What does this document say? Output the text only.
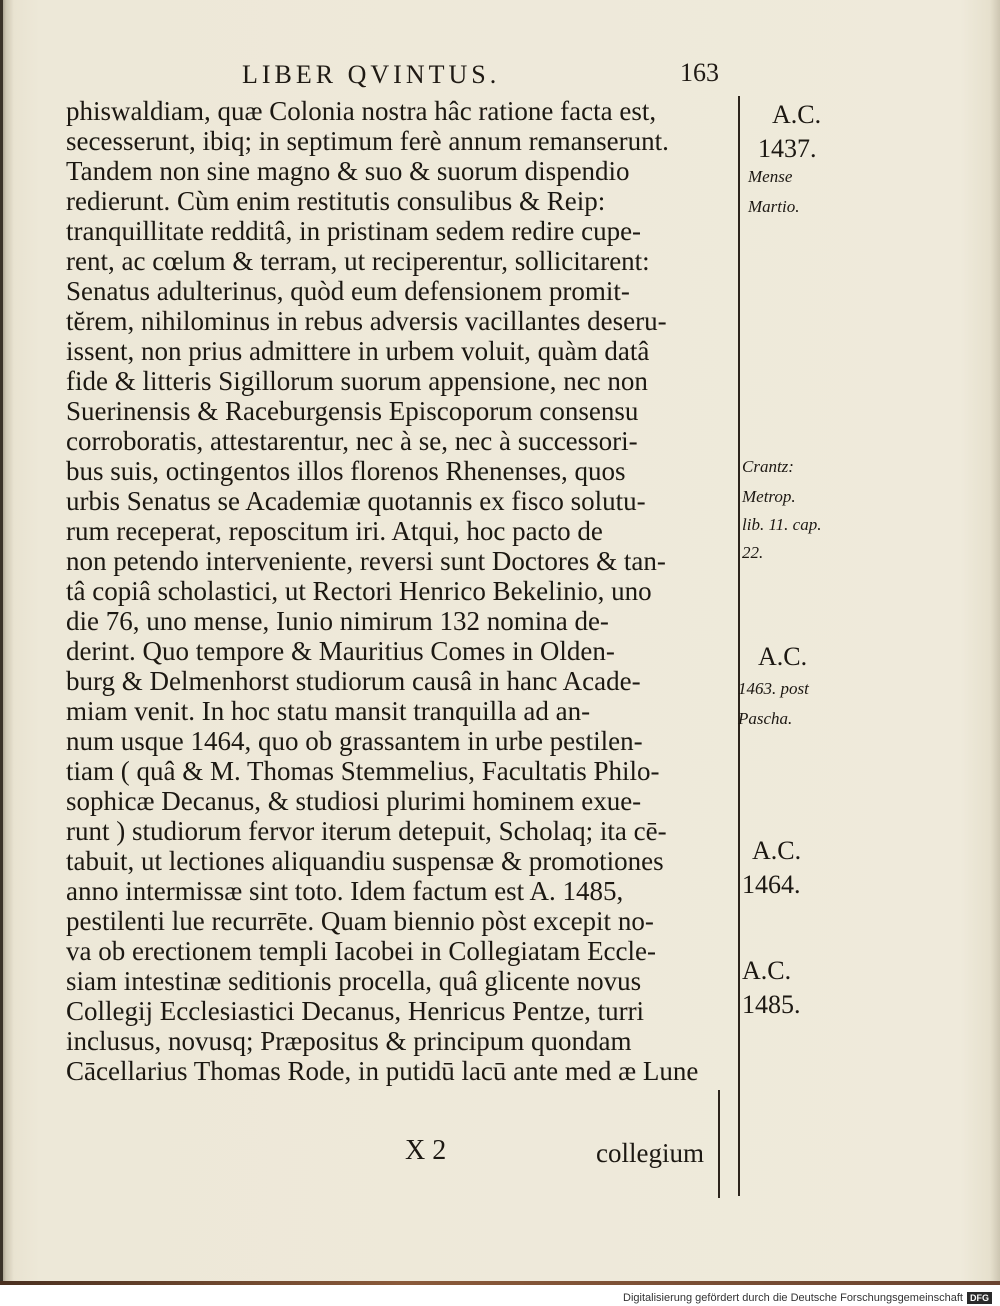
LIBER QVINTUS.	163
phiswaldiam, quæ Colonia nostra hâc ratione facta est,
secesserunt, ibiq; in septimum ferè annum remanserunt.
Tandem non sine magno & suo & suorum dispendio
redierunt. Cùm enim restitutis consulibus & Reip:
tranquillitate redditâ, in pristinam sedem redire cupe-
rent, ac cœlum & terram, ut reciperentur, sollicitarent:
Senatus adulterinus, quòd eum defensionem promit-
tĕrem, nihilominus in rebus adversis vacillantes deseru-
issent, non prius admittere in urbem voluit, quàm datâ
fide & litteris Sigillorum suorum appensione, nec non
Suerinensis & Raceburgensis Episcoporum consensu
corroboratis, attestarentur, nec à se, nec à successori-
bus suis, octingentos illos florenos Rhenenses, quos
urbis Senatus se Academiæ quotannis ex fisco solutu-
rum receperat, reposcitum iri. Atqui, hoc pacto de
non petendo interveniente, reversi sunt Doctores & tan-
tâ copiâ scholastici, ut Rectori Henrico Bekelinio, uno
die 76, uno mense, Iunio nimirum 132 nomina de-
derint. Quo tempore & Mauritius Comes in Olden-
burg & Delmenhorst studiorum causâ in hanc Acade-
miam venit. In hoc statu mansit tranquilla ad an-
num usque 1464, quo ob grassantem in urbe pestilen-
tiam ( quâ & M. Thomas Stemmelius, Facultatis Philo-
sophicæ Decanus, & studiosi plurimi hominem exue-
runt ) studiorum fervor iterum detepuit, Scholaq; ita cē-
tabuit, ut lectiones aliquandiu suspensæ & promotiones
anno intermissæ sint toto. Idem factum est A. 1485,
pestilenti lue recurrēte. Quam biennio pòst excepit no-
va ob erectionem templi Iacobei in Collegiatam Eccle-
siam intestinæ seditionis procella, quâ glicente novus
Collegij Ecclesiastici Decanus, Henricus Pentze, turri
inclusus, novusq; Præpositus & principum quondam
Cācellarius Thomas Rode, in putidū lacū ante med æ Lune
A.C.
1437.
Mense
Martio.
Crantz:
Metrop.
lib. 11. cap.
22.
A.C.
1463. post
Pascha.
A.C.
1464.
A.C.
1485.
X 2	collegium
Digitalisierung gefördert durch die Deutsche Forschungsgemeinschaft DFG
